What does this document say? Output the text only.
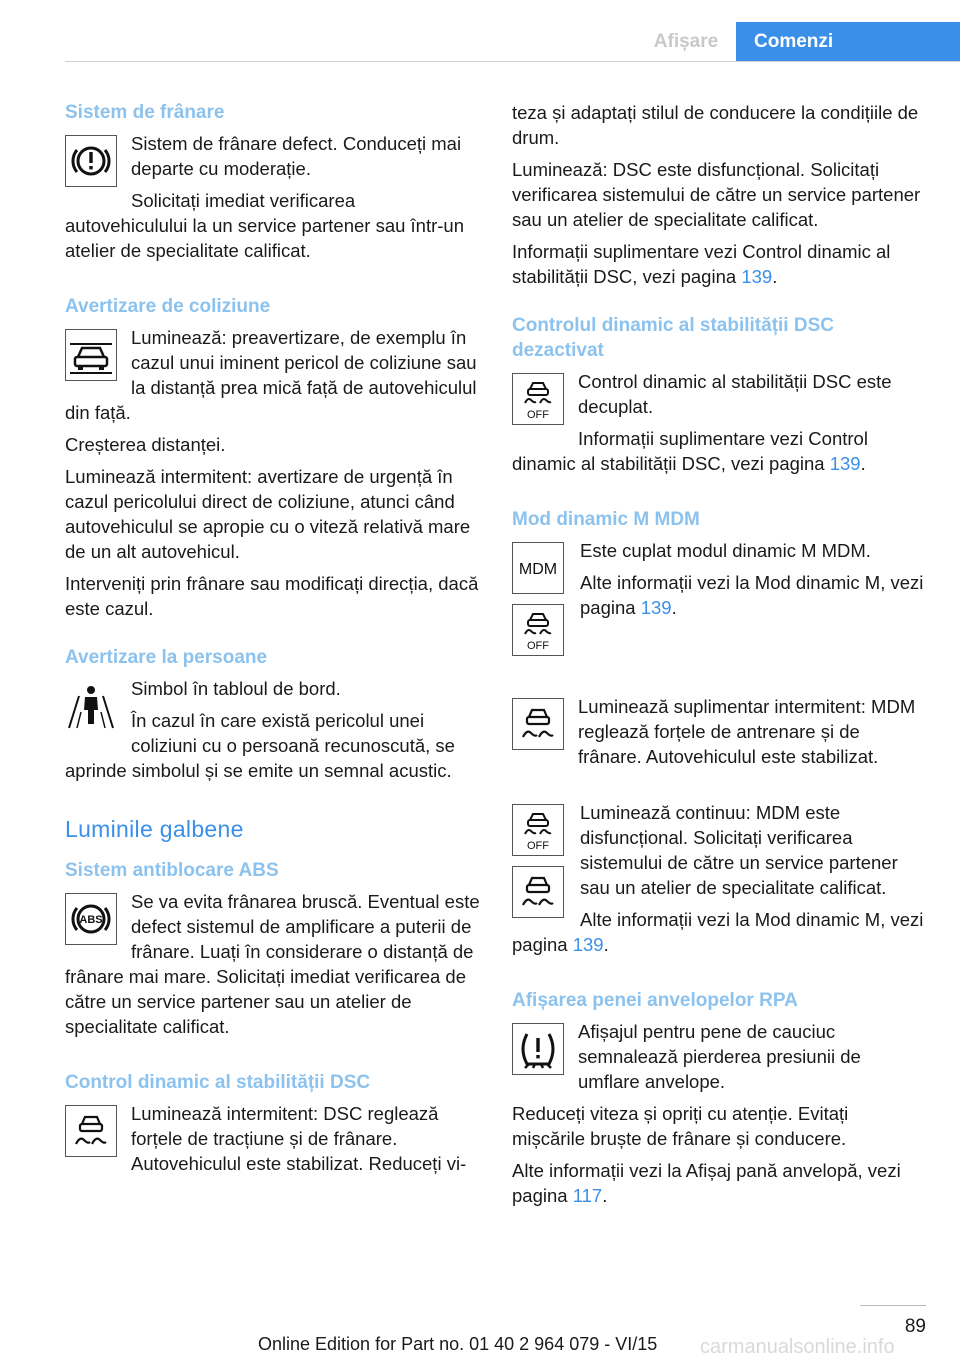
Afișare	Comenzi
Sistem de frânare

Sistem de frânare defect. Conduceți mai departe cu moderație.

Solicitați imediat verificarea autovehiculului la un service partener sau într-un atelier de specialitate calificat.

Avertizare de coliziune

Luminează: preavertizare, de exemplu în cazul unui iminent pericol de coliziune sau la distanță prea mică față de autovehiculul din față.

Creșterea distanței.

Luminează intermitent: avertizare de urgență în cazul pericolului direct de coliziune, atunci când autovehiculul se apropie cu o viteză relativă mare de un alt autovehicul.

Interveniți prin frânare sau modificați direcția, dacă este cazul.

Avertizare la persoane

Simbol în tabloul de bord.

În cazul în care există pericolul unei coliziuni cu o persoană recunoscută, se aprinde simbolul și se emite un semnal acustic.

Luminile galbene
Sistem antiblocare ABS
ABS

Se va evita frânarea bruscă. Eventual este defect sistemul de amplificare a puterii de frânare. Luați în considerare o distanță de frânare mai mare. Solicitați imediat verificarea de către un service partener sau un atelier de specialitate calificat.

Control dinamic al stabilității DSC

Luminează intermitent: DSC reglează forțele de tracțiune și de frânare. Autovehiculul este stabilizat. Reduceți vi-

teza și adaptați stilul de conducere la condițiile de drum.

Luminează: DSC este disfuncțional. Solicitați verificarea sistemului de către un service partener sau un atelier de specialitate calificat.

Informații suplimentare vezi Control dinamic al stabilității DSC, vezi pagina 139.

Controlul dinamic al stabilității DSC dezactivat
OFF

Control dinamic al stabilității DSC este decuplat.

Informații suplimentare vezi Control dinamic al stabilității DSC, vezi pagina 139.

Mod dinamic M MDM
MDM
OFF

Este cuplat modul dinamic M MDM.

Alte informații vezi la Mod dinamic M, vezi pagina 139.

Luminează suplimentar intermitent: MDM reglează forțele de antrenare și de frânare. Autovehiculul este stabilizat.

OFF

Luminează continuu: MDM este disfuncțional. Solicitați verificarea sistemului de către un service partener sau un atelier de specialitate calificat.

Alte informații vezi la Mod dinamic M, vezi pagina 139.

Afișarea penei anvelopelor RPA

Afișajul pentru pene de cauciuc semnalează pierderea presiunii de umflare anvelope.

Reduceți viteza și opriți cu atenție. Evitați mișcările bruște de frânare și conducere.

Alte informații vezi la Afișaj pană anvelopă, vezi pagina 117.

89
Online Edition for Part no. 01 40 2 964 079 - VI/15	carmanualsonline.info
